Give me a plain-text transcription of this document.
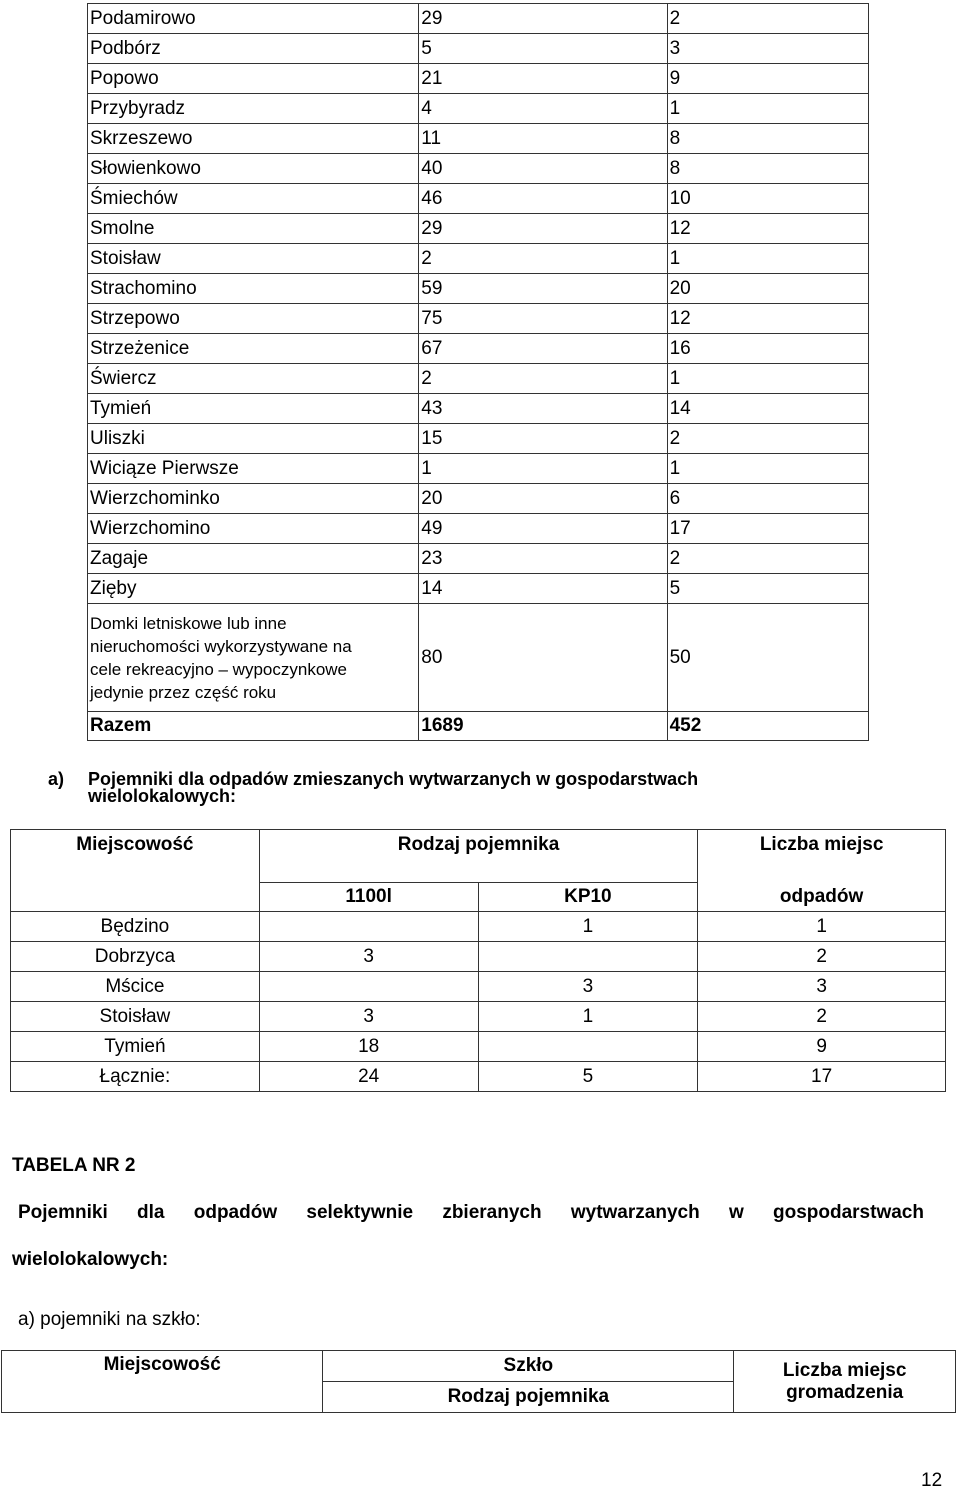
Podamirowo	29	2
Podbórz	5	3
Popowo	21	9
Przybyradz	4	1
Skrzeszewo	11	8
Słowienkowo	40	8
Śmiechów	46	10
Smolne	29	12
Stoisław	2	1
Strachomino	59	20
Strzepowo	75	12
Strzeżenice	67	16
Świercz	2	1
Tymień	43	14
Uliszki	15	2
Wiciąze Pierwsze	1	1
Wierzchominko	20	6
Wierzchomino	49	17
Zagaje	23	2
Zięby	14	5
Domki letniskowe lub inne
nieruchomości wykorzystywane na
cele rekreacyjno – wypoczynkowe
jedynie przez część roku	80	50
Razem	1689	452
a) Pojemniki dla odpadów zmieszanych wytwarzanych w gospodarstwach
wielolokalowych:
Miejscowość	Rodzaj pojemnika		Liczba miejsc
	1100l	KP10	odpadów
Będzino		1	1
Dobrzyca	3		2
Mścice		3	3
Stoisław	3	1	2
Tymień	18		9
Łącznie:	24	5	17
TABELA NR 2
Pojemniki dla odpadów selektywnie zbieranych wytwarzanych w gospodarstwach
wielolokalowych:
a) pojemniki na szkło:
Miejscowość	Szkło	Liczba miejsc
gromadzenia
Rodzaj pojemnika
12
